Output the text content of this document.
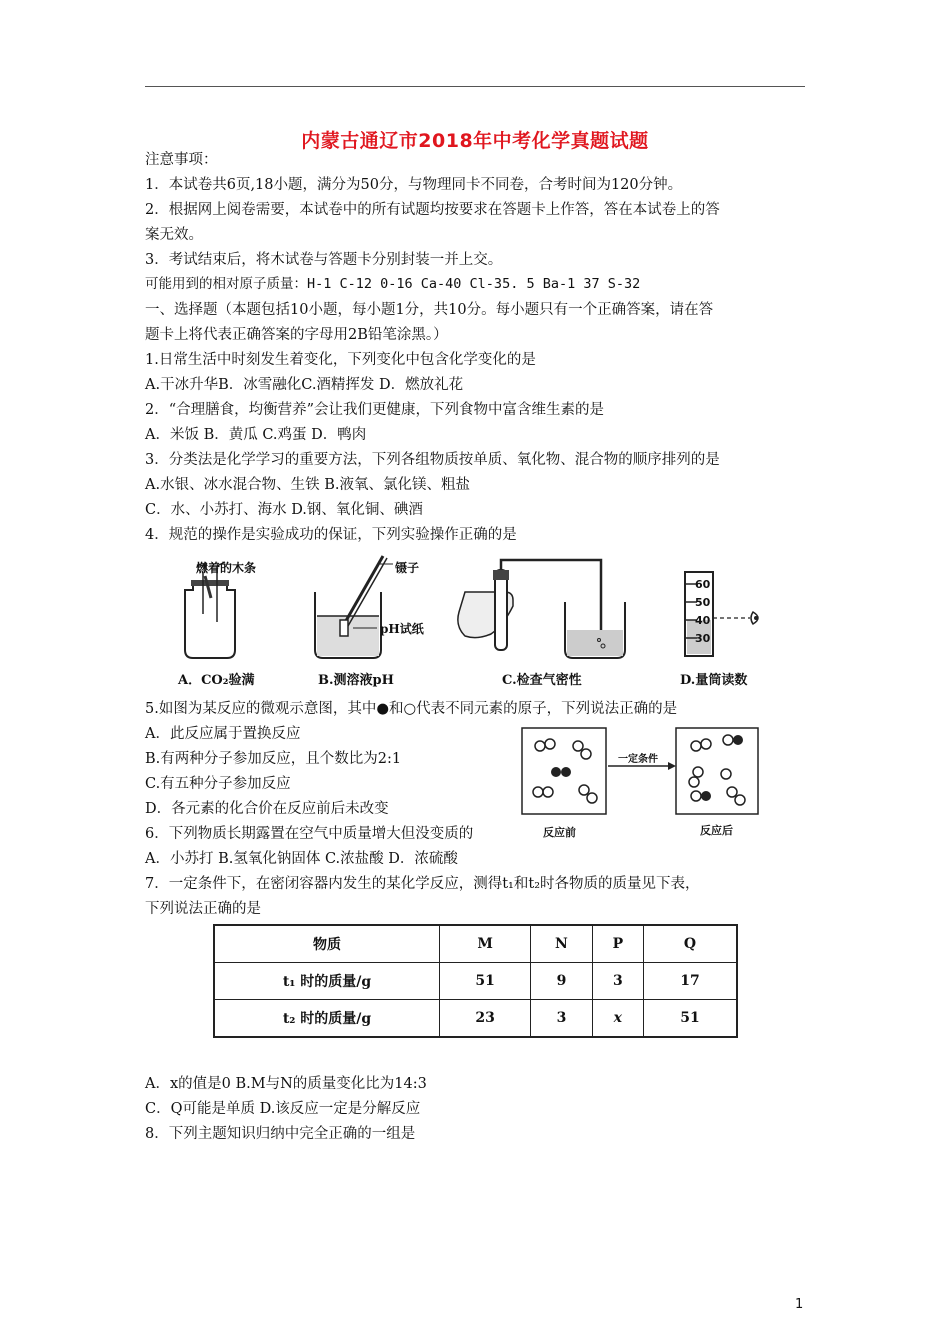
内蒙古通辽市2018年中考化学真题试题
注意事项：
1．本试卷共6页,18小题，满分为50分，与物理同卡不同卷，合考时间为120分钟。
2．根据网上阅卷需要，本试卷中的所有试题均按要求在答题卡上作答，答在本试卷上的答
案无效。
3．考试结束后，将木试卷与答题卡分别封装一并上交。
可能用到的相对原子质量：H-1 C-12 0-16 Ca-40 Cl-35. 5 Ba-1 37 S-32
一、选择题（本题包括10小题，每小题1分，共10分。每小题只有一个正确答案，请在答
题卡上将代表正确答案的字母用2B铅笔涂黑。）
1.日常生活中时刻发生着变化，下列变化中包含化学变化的是
A.干冰升华B．冰雪融化C.酒精挥发 D．燃放礼花
2．“合理膳食，均衡营养”会让我们更健康，下列食物中富含维生素的是
A．米饭 B．黄瓜 C.鸡蛋 D．鸭肉
3．分类法是化学学习的重要方法，下列各组物质按单质、氧化物、混合物的顺序排列的是
A.水银、冰水混合物、生铁 B.液氧、氯化镁、粗盐
C．水、小苏打、海水 D.钢、氧化铜、碘酒
4．规范的操作是实验成功的保证，下列实验操作正确的是
60
50
40
30
燃着的木条	镊子
pH试纸
A．CO₂验满	B.测溶液pH	C.检查气密性	D.量筒读数
5.如图为某反应的微观示意图，其中●和○代表不同元素的原子，下列说法正确的是
A．此反应属于置换反应
B.有两种分子参加反应，且个数比为2:1
C.有五种分子参加反应
D．各元素的化合价在反应前后未改变
一定条件
反应前	反应后
6．下列物质长期露置在空气中质量增大但没变质的
A．小苏打 B.氢氧化钠固体 C.浓盐酸 D．浓硫酸
7．一定条件下，在密闭容器内发生的某化学反应，测得t₁和t₂时各物质的质量见下表，
下列说法正确的是
物质	M	N	P	Q
t₁ 时的质量/g	51	9	3	17
t₂ 时的质量/g	23	3	x	51
A．x的值是0 B.M与N的质量变化比为14:3
C．Q可能是单质 D.该反应一定是分解反应
8．下列主题知识归纳中完全正确的一组是
1
